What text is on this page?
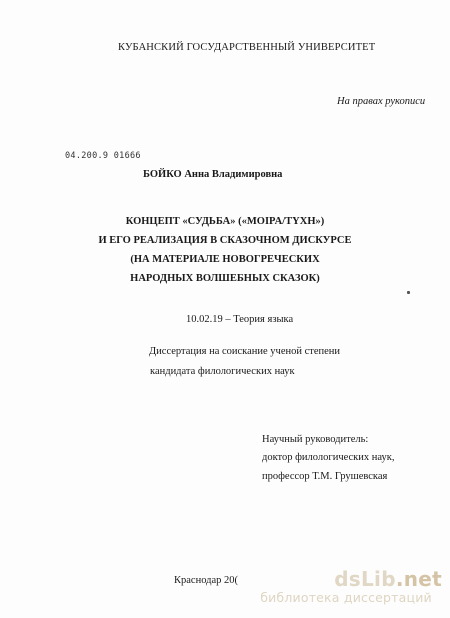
КУБАНСКИЙ ГОСУДАРСТВЕННЫЙ УНИВЕРСИТЕТ
На правах рукописи
​04.200.9 01666
БОЙКО Анна Владимировна
КОНЦЕПТ «СУДЬБА» («MOIPA/TYXH»)
И ЕГО РЕАЛИЗАЦИЯ В СКАЗОЧНОМ ДИСКУРСЕ
(НА МАТЕРИАЛЕ НОВОГРЕЧЕСКИХ
НАРОДНЫХ ВОЛШЕБНЫХ СКАЗОК)
10.02.19 – Теория языка
Диссертация на соискание ученой степени
кандидата филологических наук
Научный руководитель:
доктор филологических наук,
профессор Т.М. Грушевская
Краснодар 20(	dsLib.net
библиотека диссертаций
